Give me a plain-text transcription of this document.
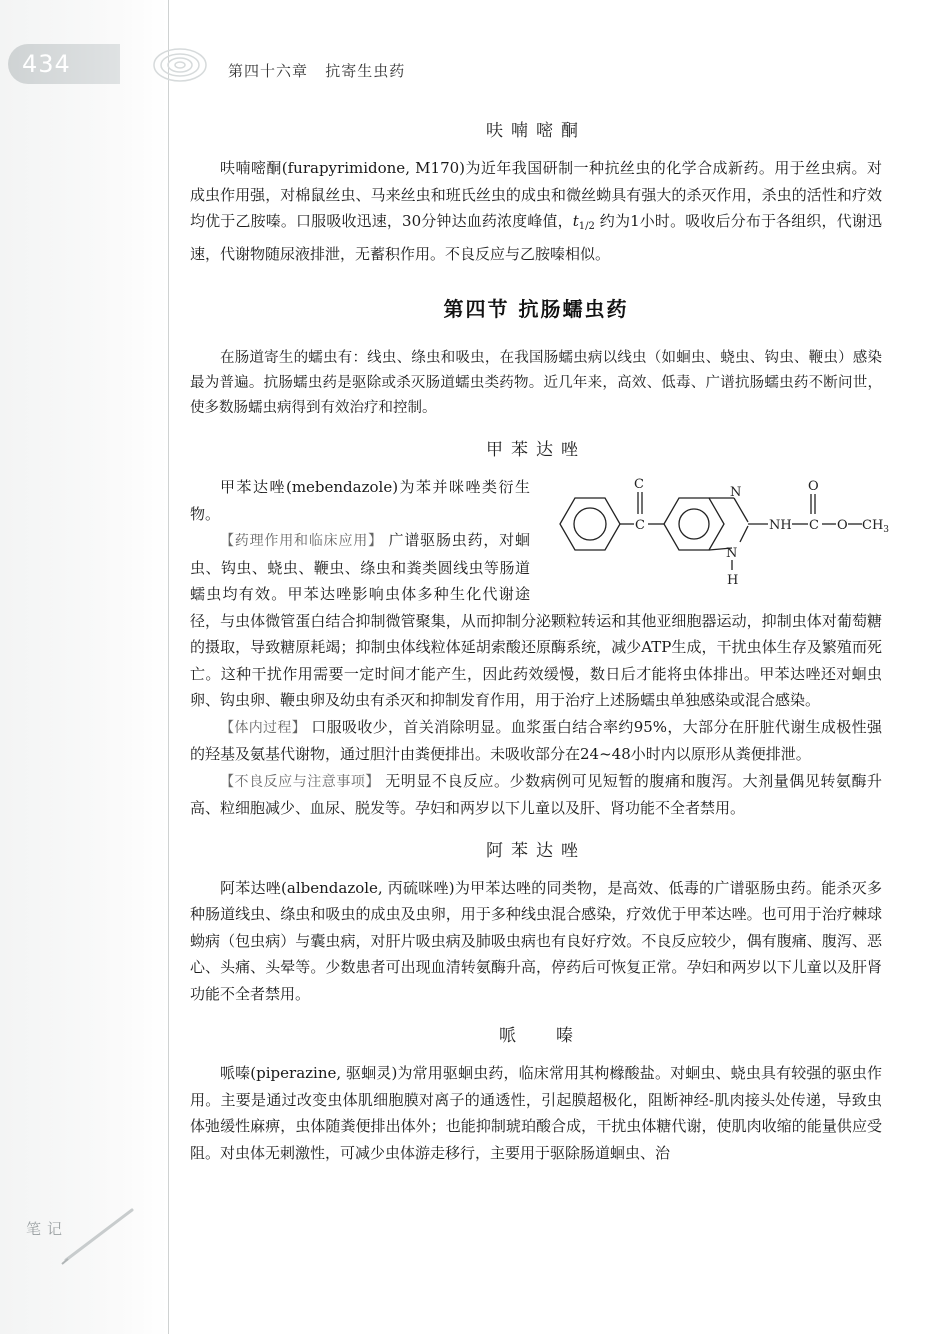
434	第四十六章   抗寄生虫药
笔记
呋喃嘧酮

呋喃嘧酮(furapyrimidone, M170)为近年我国研制一种抗丝虫的化学合成新药。用于丝虫病。对成虫作用强，对棉鼠丝虫、马来丝虫和班氏丝虫的成虫和微丝蚴具有强大的杀灭作用，杀虫的活性和疗效均优于乙胺嗪。口服吸收迅速，30分钟达血药浓度峰值，$t_{1/2}$ 约为1小时。吸收后分布于各组织，代谢迅速，代谢物随尿液排泄，无蓄积作用。不良反应与乙胺嗪相似。

第四节 抗肠蠕虫药

在肠道寄生的蠕虫有：线虫、绦虫和吸虫，在我国肠蠕虫病以线虫（如蛔虫、蛲虫、钩虫、鞭虫）感染最为普遍。抗肠蠕虫药是驱除或杀灭肠道蠕虫类药物。近几年来，高效、低毒、广谱抗肠蠕虫药不断问世，使多数肠蠕虫病得到有效治疗和控制。

甲苯达唑
C
C
N
N
H
NH
O
C O $CH_3$

甲苯达唑(mebendazole)为苯并咪唑类衍生物。

【药理作用和临床应用】 广谱驱肠虫药，对蛔虫、钩虫、蛲虫、鞭虫、绦虫和粪类圆线虫等肠道蠕虫均有效。甲苯达唑影响虫体多种生化代谢途径，与虫体微管蛋白结合抑制微管聚集，从而抑制分泌颗粒转运和其他亚细胞器运动，抑制虫体对葡萄糖的摄取，导致糖原耗竭；抑制虫体线粒体延胡索酸还原酶系统，减少ATP生成，干扰虫体生存及繁殖而死亡。这种干扰作用需要一定时间才能产生，因此药效缓慢，数日后才能将虫体排出。甲苯达唑还对蛔虫卵、钩虫卵、鞭虫卵及幼虫有杀灭和抑制发育作用，用于治疗上述肠蠕虫单独感染或混合感染。

【体内过程】 口服吸收少，首关消除明显。血浆蛋白结合率约95%，大部分在肝脏代谢生成极性强的羟基及氨基代谢物，通过胆汁由粪便排出。未吸收部分在24~48小时内以原形从粪便排泄。

【不良反应与注意事项】 无明显不良反应。少数病例可见短暂的腹痛和腹泻。大剂量偶见转氨酶升高、粒细胞减少、血尿、脱发等。孕妇和两岁以下儿童以及肝、肾功能不全者禁用。

阿苯达唑

阿苯达唑(albendazole, 丙硫咪唑)为甲苯达唑的同类物，是高效、低毒的广谱驱肠虫药。能杀灭多种肠道线虫、绦虫和吸虫的成虫及虫卵，用于多种线虫混合感染，疗效优于甲苯达唑。也可用于治疗棘球蚴病（包虫病）与囊虫病，对肝片吸虫病及肺吸虫病也有良好疗效。不良反应较少，偶有腹痛、腹泻、恶心、头痛、头晕等。少数患者可出现血清转氨酶升高，停药后可恢复正常。孕妇和两岁以下儿童以及肝肾功能不全者禁用。

哌嗪

哌嗪(piperazine, 驱蛔灵)为常用驱蛔虫药，临床常用其枸橼酸盐。对蛔虫、蛲虫具有较强的驱虫作用。主要是通过改变虫体肌细胞膜对离子的通透性，引起膜超极化，阻断神经-肌肉接头处传递，导致虫体弛缓性麻痹，虫体随粪便排出体外；也能抑制琥珀酸合成，干扰虫体糖代谢，使肌肉收缩的能量供应受阻。对虫体无刺激性，可减少虫体游走移行，主要用于驱除肠道蛔虫、治
